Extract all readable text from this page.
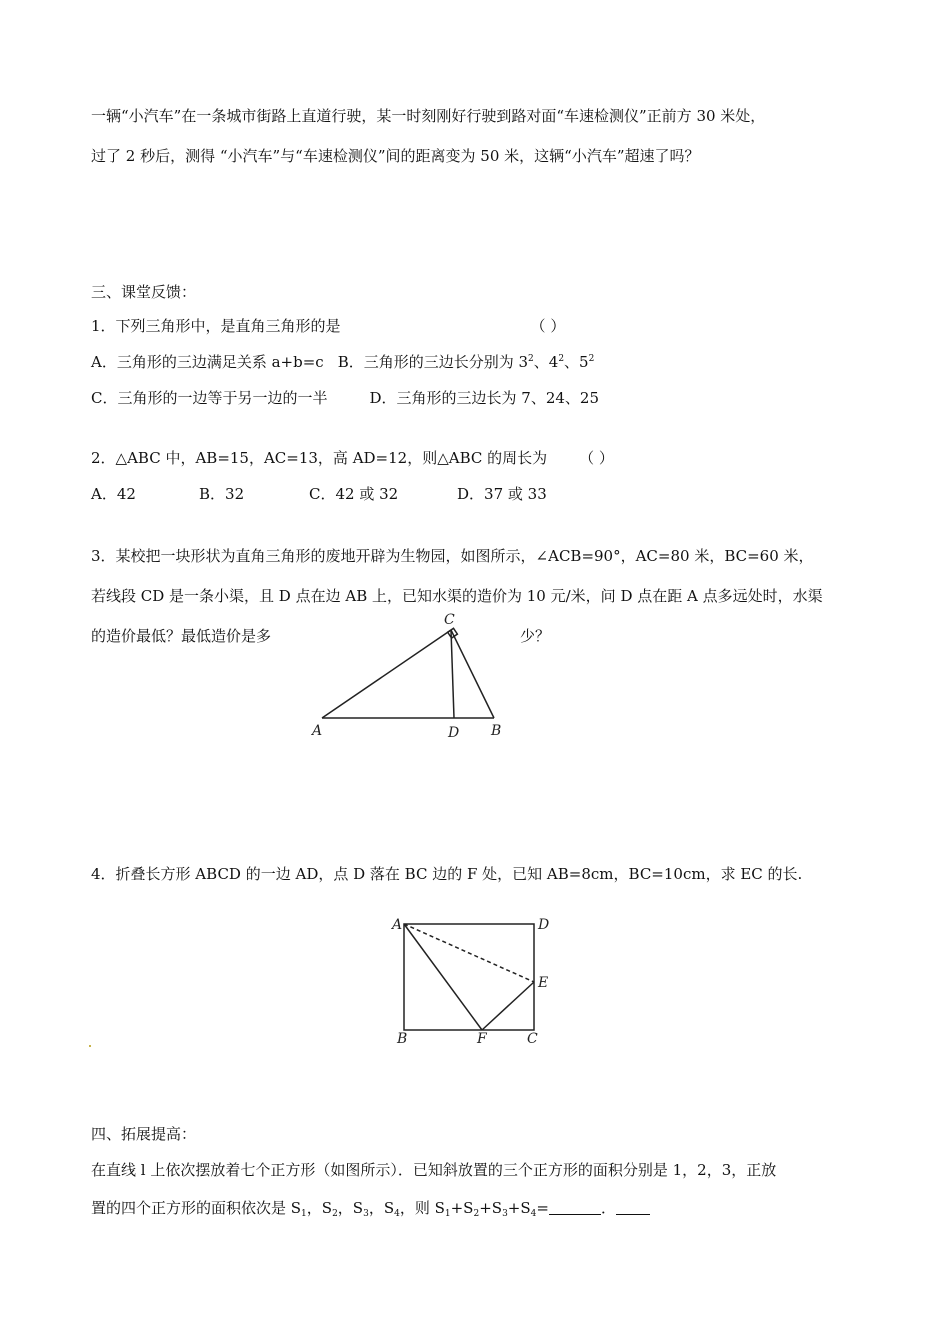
一辆“小汽车”在一条城市街路上直道行驶，某一时刻刚好行驶到路对面“车速检测仪”正前方 30 米处，

过了 2 秒后，测得 “小汽车”与“车速检测仪”间的距离变为 50 米，这辆“小汽车”超速了吗？

三、课堂反馈：

1．下列三角形中，是直角三角形的是	（ ）

A．三角形的三边满足关系 a+b=c B．三角形的三边长分别为 $3^2$、$4^2$、$5^2$

C．三角形的一边等于另一边的一半	D．三角形的三边长为 7、24、25

2．△ABC 中，AB=15，AC=13，高 AD=12，则△ABC 的周长为 （ ）

A．42	B．32	C．42 或 32	D．37 或 33

3．某校把一块形状为直角三角形的废地开辟为生物园，如图所示，∠ACB=90°，AC=80 米，BC=60 米，

若线段 CD 是一条小渠，且 D 点在边 AB 上，已知水渠的造价为 10 元/米，问 D 点在距 A 点多远处时，水渠

的造价最低？最低造价是多	少？

A	B
C
D

4．折叠长方形 ABCD 的一边 AD，点 D 落在 BC 边的 F 处，已知 AB=8cm，BC=10cm，求 EC 的长.

A	D
E
B	F	C

四、拓展提高：

在直线 l 上依次摆放着七个正方形（如图所示）．已知斜放置的三个正方形的面积分别是 1，2，3，正放

置的四个正方形的面积依次是 $S_1$，$S_2$，$S_3$，$S_4$，则 $S_1+S_2+S_3+S_4=$	．
